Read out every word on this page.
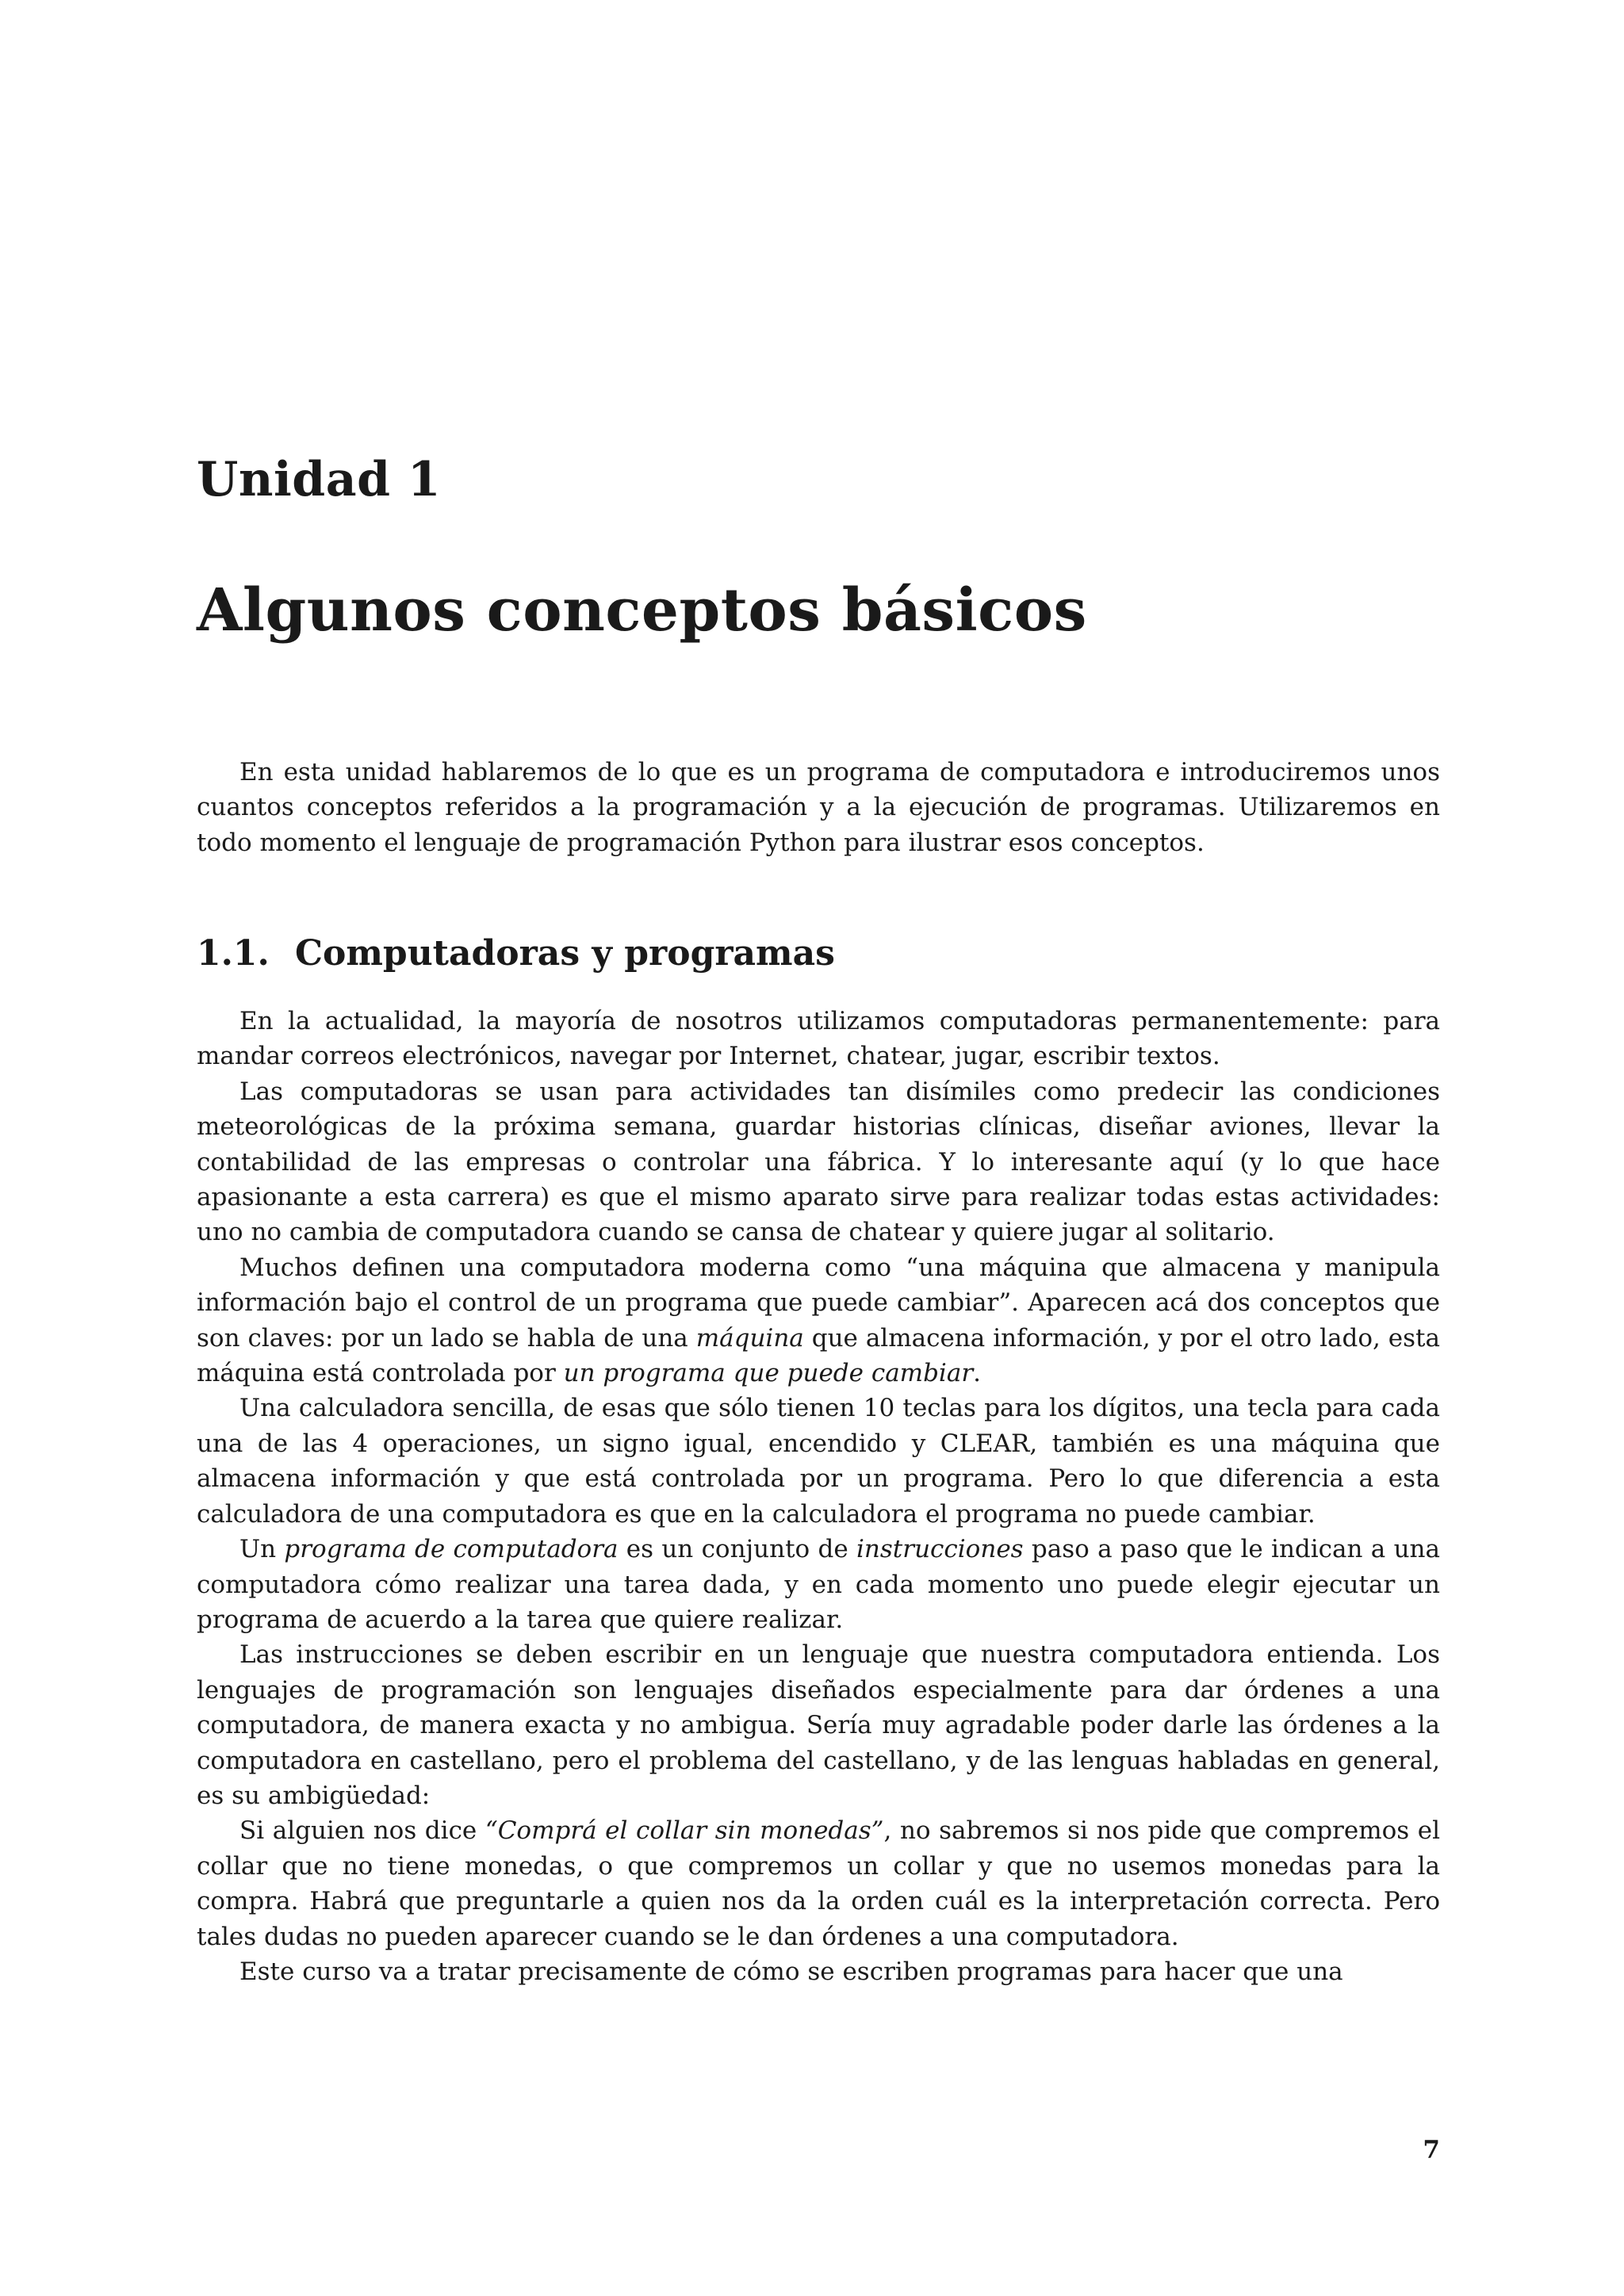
Unidad 1
Algunos conceptos básicos

En esta unidad hablaremos de lo que es un programa de computadora e introduciremos unos cuantos conceptos referidos a la programación y a la ejecución de programas. Utilizaremos en todo momento el lenguaje de programación Python para ilustrar esos conceptos.

1.1. Computadoras y programas

En la actualidad, la mayoría de nosotros utilizamos computadoras permanentemente: para mandar correos electrónicos, navegar por Internet, chatear, jugar, escribir textos.

Las computadoras se usan para actividades tan disímiles como predecir las condiciones meteorológicas de la próxima semana, guardar historias clínicas, diseñar aviones, llevar la contabilidad de las empresas o controlar una fábrica. Y lo interesante aquí (y lo que hace apasionante a esta carrera) es que el mismo aparato sirve para realizar todas estas actividades: uno no cambia de computadora cuando se cansa de chatear y quiere jugar al solitario.

Muchos definen una computadora moderna como “una máquina que almacena y manipula información bajo el control de un programa que puede cambiar”. Aparecen acá dos conceptos que son claves: por un lado se habla de una máquina que almacena información, y por el otro lado, esta máquina está controlada por un programa que puede cambiar.

Una calculadora sencilla, de esas que sólo tienen 10 teclas para los dígitos, una tecla para cada una de las 4 operaciones, un signo igual, encendido y CLEAR, también es una máquina que almacena información y que está controlada por un programa. Pero lo que diferencia a esta calculadora de una computadora es que en la calculadora el programa no puede cambiar.

Un programa de computadora es un conjunto de instrucciones paso a paso que le indican a una computadora cómo realizar una tarea dada, y en cada momento uno puede elegir ejecutar un programa de acuerdo a la tarea que quiere realizar.

Las instrucciones se deben escribir en un lenguaje que nuestra computadora entienda. Los lenguajes de programación son lenguajes diseñados especialmente para dar órdenes a una computadora, de manera exacta y no ambigua. Sería muy agradable poder darle las órdenes a la computadora en castellano, pero el problema del castellano, y de las lenguas habladas en general, es su ambigüedad:

Si alguien nos dice “Comprá el collar sin monedas”, no sabremos si nos pide que compremos el collar que no tiene monedas, o que compremos un collar y que no usemos monedas para la compra. Habrá que preguntarle a quien nos da la orden cuál es la interpretación correcta. Pero tales dudas no pueden aparecer cuando se le dan órdenes a una computadora.

Este curso va a tratar precisamente de cómo se escriben programas para hacer que una

7
